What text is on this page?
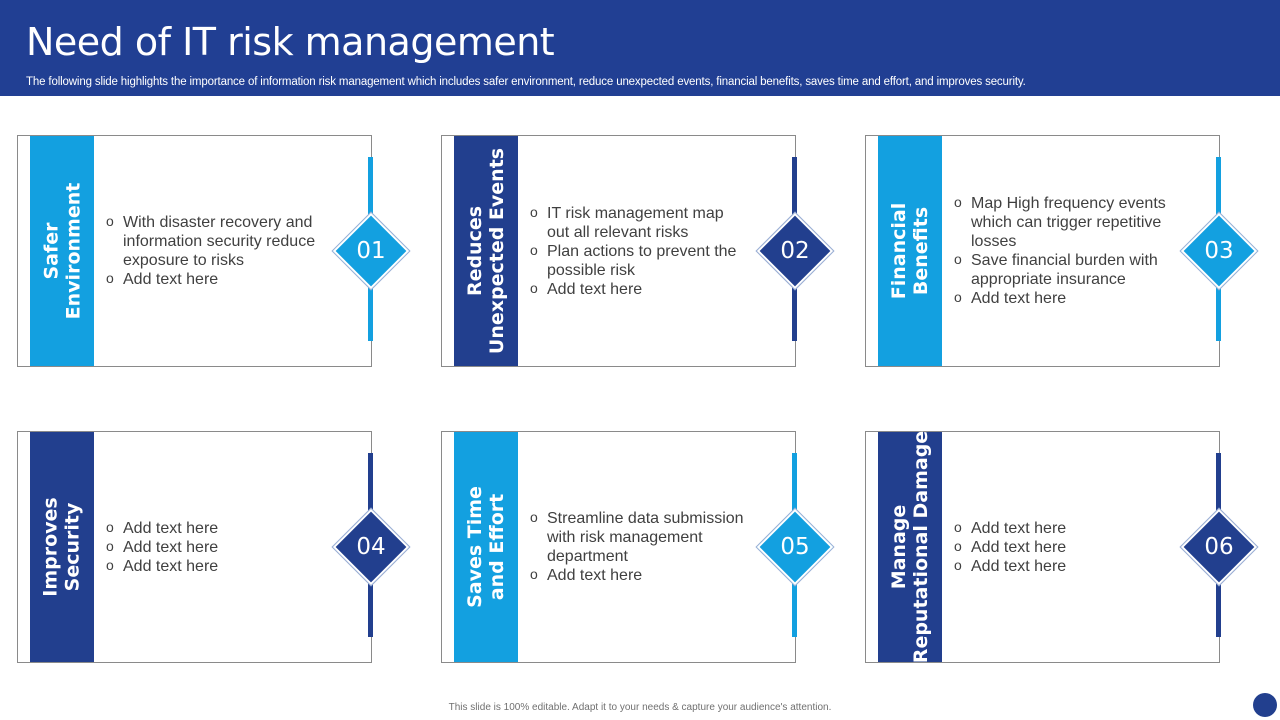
Need of IT risk management

The following slide highlights the importance of information risk management which includes safer environment, reduce unexpected events, financial benefits, saves time and effort, and improves security.

Safer Environment	o With disaster recovery and information security reduce exposure to risks
o Add text here
01	Reduces Unexpected Events	o IT risk management map out all relevant risks
o Plan actions to prevent the possible risk
o Add text here
02	Financial Benefits
o Map High frequency events which can trigger repetitive losses
o Save financial burden with appropriate insurance
o Add text here
03
Improves Security	o Add text here
o Add text here
o Add text here
04	Saves Time and Effort	o Streamline data submission with risk management department
o Add text here
05	Manage Reputational Damage	o Add text here
o Add text here
o Add text here
06
This slide is 100% editable. Adapt it to your needs & capture your audience's attention.
